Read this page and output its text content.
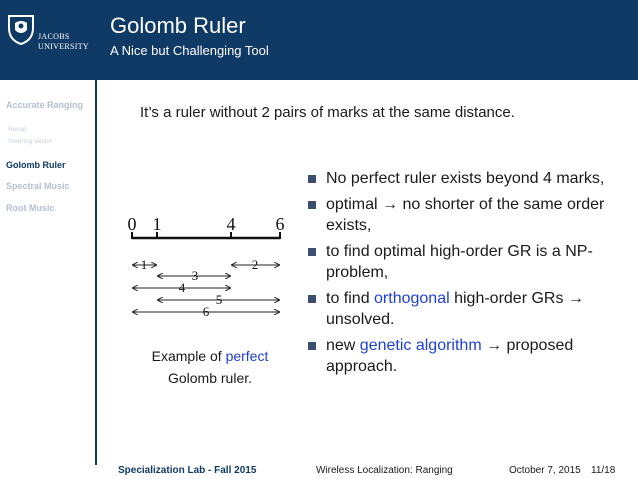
JACOBS
UNIVERSITY
Golomb Ruler
A Nice but Challenging Tool
Accurate Ranging
Recap
Steering Vector
Golomb Ruler
Spectral Music
Root Music
It’s a ruler without 2 pairs of marks at the same distance.
0 1	4 6
1	2
3
4
5
6
Example of perfect
Golomb ruler.
No perfect ruler exists beyond 4 marks,
optimal → no shorter of the same order exists,
to find optimal high-order GR is a NP-problem,
to find orthogonal high-order GRs → unsolved.
new genetic algorithm → proposed approach.
Specialization Lab - Fall 2015	Wireless Localization: Ranging	October 7, 2015 11/18
